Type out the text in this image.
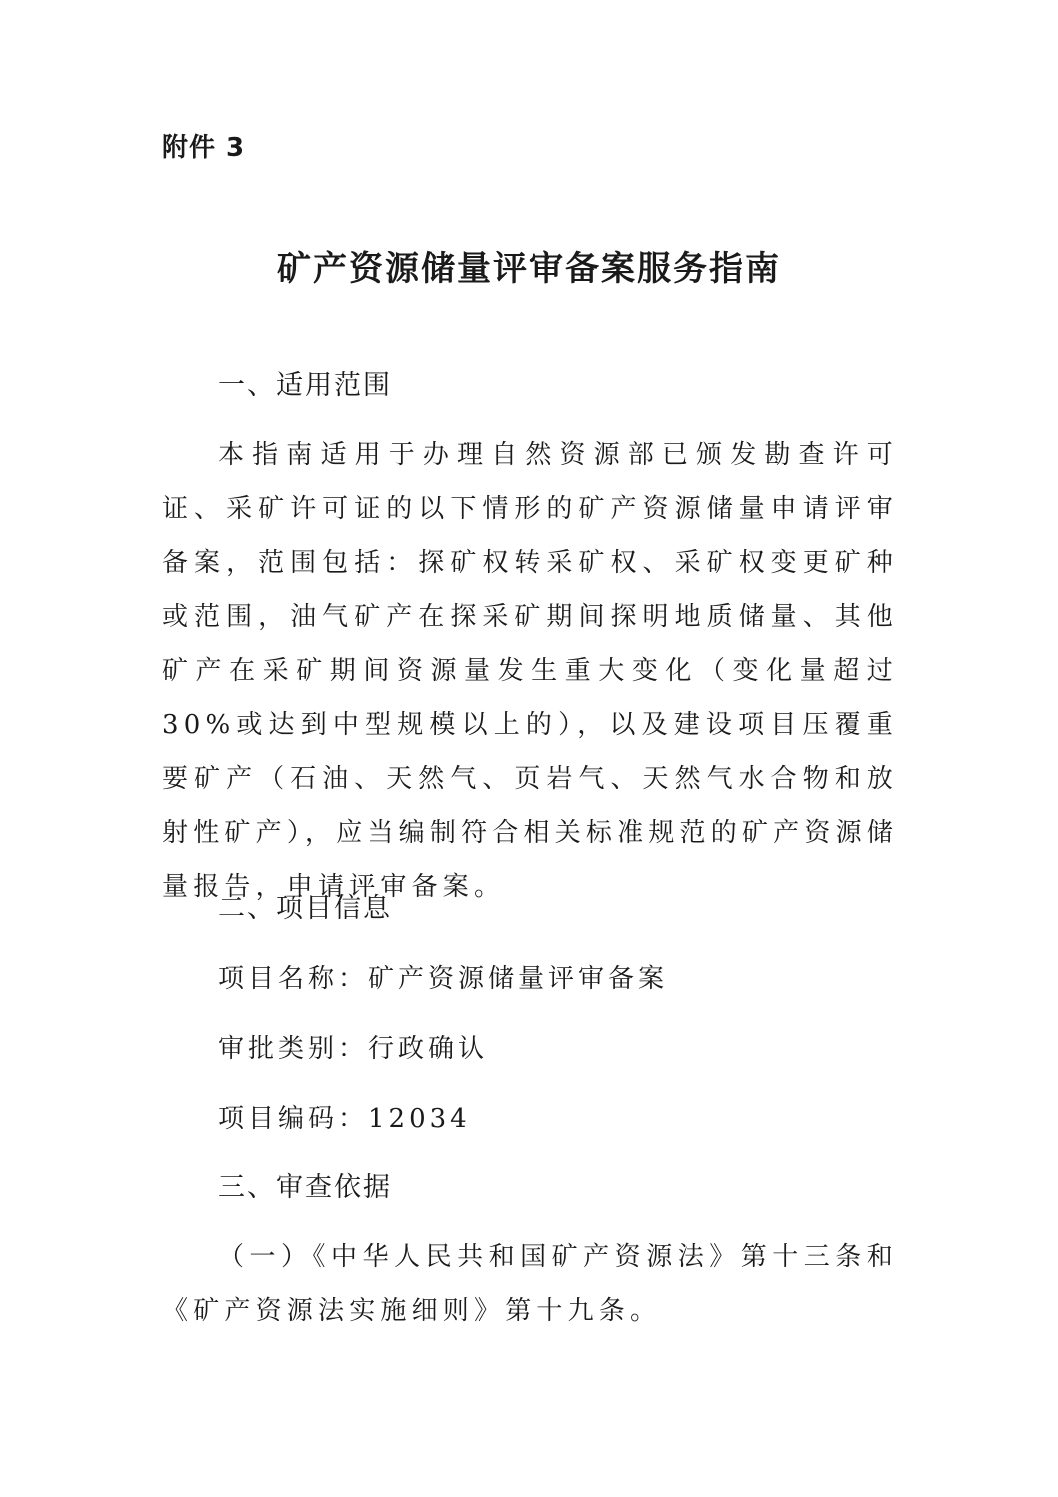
附件 3
矿产资源储量评审备案服务指南
一、适用范围

本指南适用于办理自然资源部已颁发勘查许可证、采矿许可证的以下情形的矿产资源储量申请评审备案，范围包括：探矿权转采矿权、采矿权变更矿种或范围，油气矿产在探采矿期间探明地质储量、其他矿产在采矿期间资源量发生重大变化（变化量超过30%或达到中型规模以上的），以及建设项目压覆重要矿产（石油、天然气、页岩气、天然气水合物和放射性矿产），应当编制符合相关标准规范的矿产资源储量报告，申请评审备案。

二、项目信息
项目名称：矿产资源储量评审备案
审批类别：行政确认
项目编码：12034
三、审查依据

（一）《中华人民共和国矿产资源法》第十三条和《矿产资源法实施细则》第十九条。
